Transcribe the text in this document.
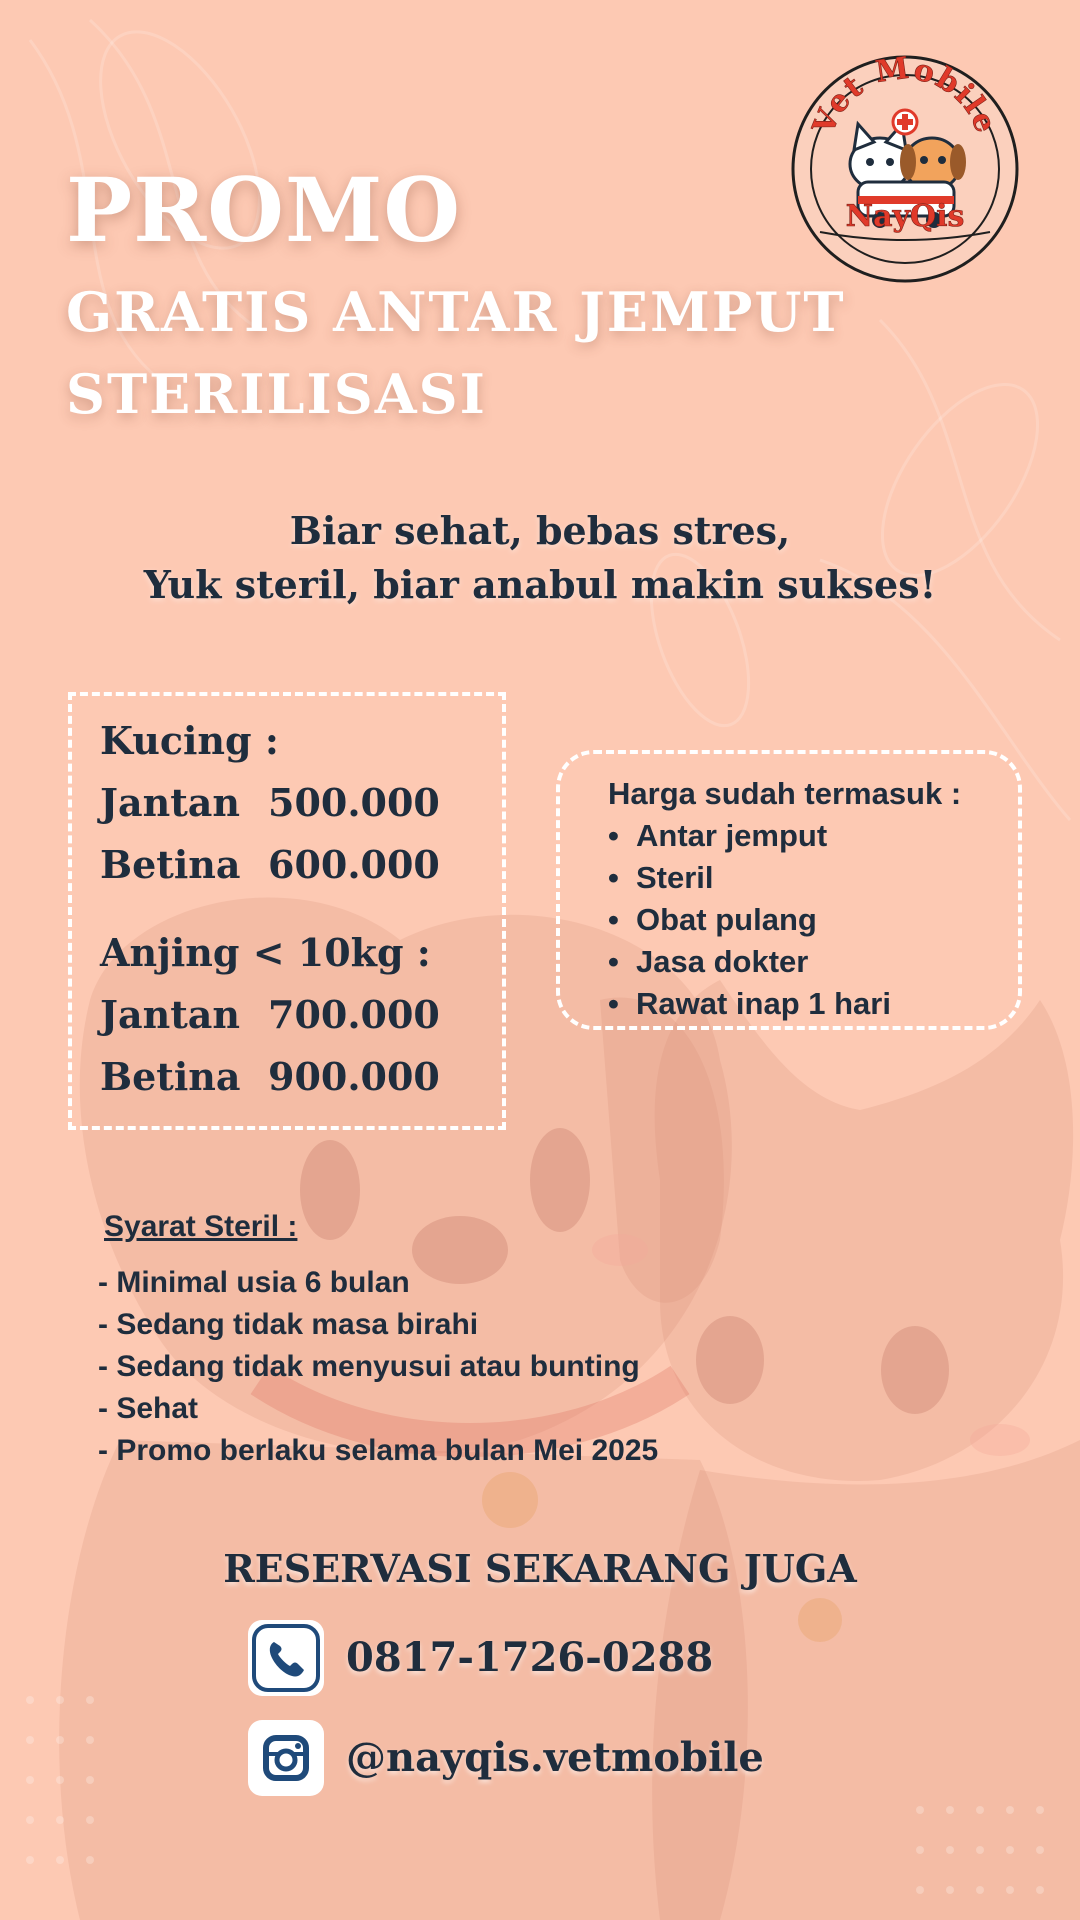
Vet Mobile
NayQis
PROMO
GRATIS ANTAR JEMPUT
STERILISASI
Biar sehat, bebas stres,
Yuk steril, biar anabul makin sukses!
Kucing :
Jantan 500.000
Betina 600.000
Anjing < 10kg :
Jantan 700.000
Betina 900.000
Harga sudah termasuk :
• Antar jemput
• Steril
• Obat pulang
• Jasa dokter
• Rawat inap 1 hari
Syarat Steril :
- Minimal usia 6 bulan
- Sedang tidak masa birahi
- Sedang tidak menyusui atau bunting
- Sehat
- Promo berlaku selama bulan Mei 2025
RESERVASI SEKARANG JUGA
0817-1726-0288
@nayqis.vetmobile
